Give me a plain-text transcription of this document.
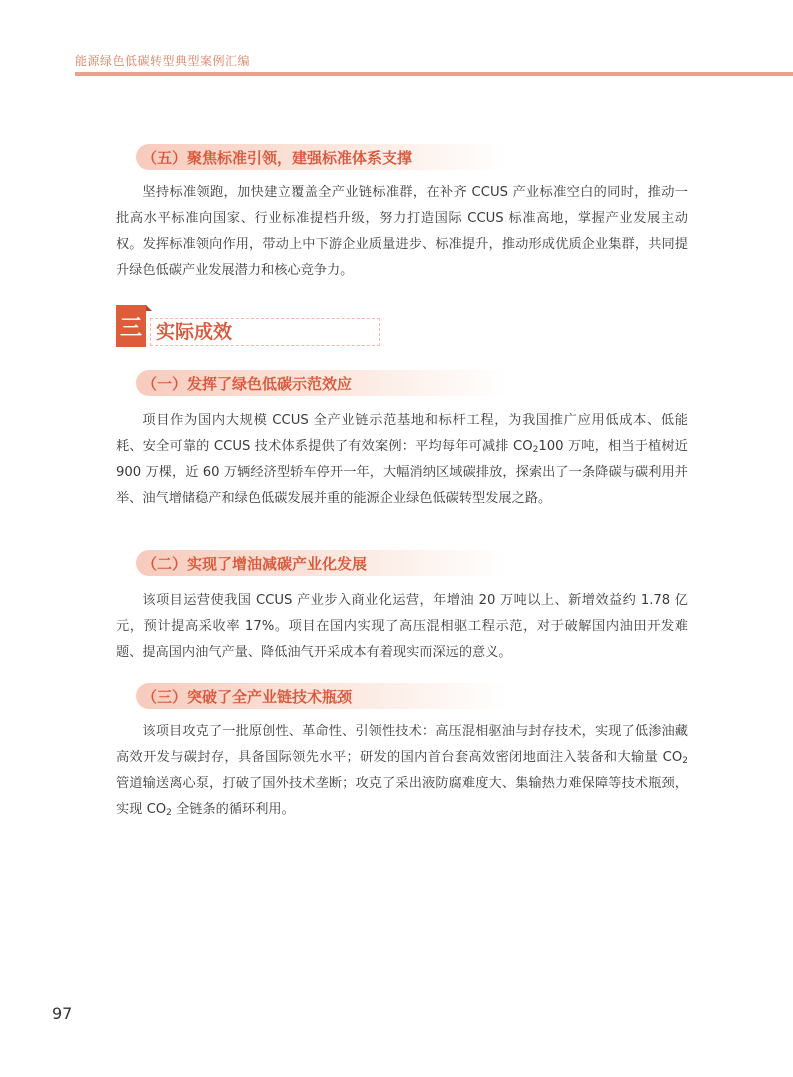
能源绿色低碳转型典型案例汇编
（五）聚焦标准引领，建强标准体系支撑

坚持标准领跑，加快建立覆盖全产业链标准群，在补齐 CCUS 产业标准空白的同时，推动一批高水平标准向国家、行业标准提档升级，努力打造国际 CCUS 标准高地，掌握产业发展主动权。发挥标准领向作用，带动上中下游企业质量进步、标准提升，推动形成优质企业集群，共同提升绿色低碳产业发展潜力和核心竞争力。

三 实际成效
（一）发挥了绿色低碳示范效应

项目作为国内大规模 CCUS 全产业链示范基地和标杆工程，为我国推广应用低成本、低能耗、安全可靠的 CCUS 技术体系提供了有效案例：平均每年可减排 $CO_2100$ 万吨，相当于植树近 900 万棵，近 60 万辆经济型轿车停开一年，大幅消纳区域碳排放，探索出了一条降碳与碳利用并举、油气增储稳产和绿色低碳发展并重的能源企业绿色低碳转型发展之路。

（二）实现了增油减碳产业化发展

该项目运营使我国 CCUS 产业步入商业化运营，年增油 20 万吨以上、新增效益约 1.78 亿元，预计提高采收率 17%。项目在国内实现了高压混相驱工程示范，对于破解国内油田开发难题、提高国内油气产量、降低油气开采成本有着现实而深远的意义。

（三）突破了全产业链技术瓶颈

该项目攻克了一批原创性、革命性、引领性技术：高压混相驱油与封存技术，实现了低渗油藏高效开发与碳封存，具备国际领先水平；研发的国内首台套高效密闭地面注入装备和大输量 $CO_2$ 管道输送离心泵，打破了国外技术垄断；攻克了采出液防腐难度大、集输热力难保障等技术瓶颈，实现 $CO_2$ 全链条的循环利用。

97
